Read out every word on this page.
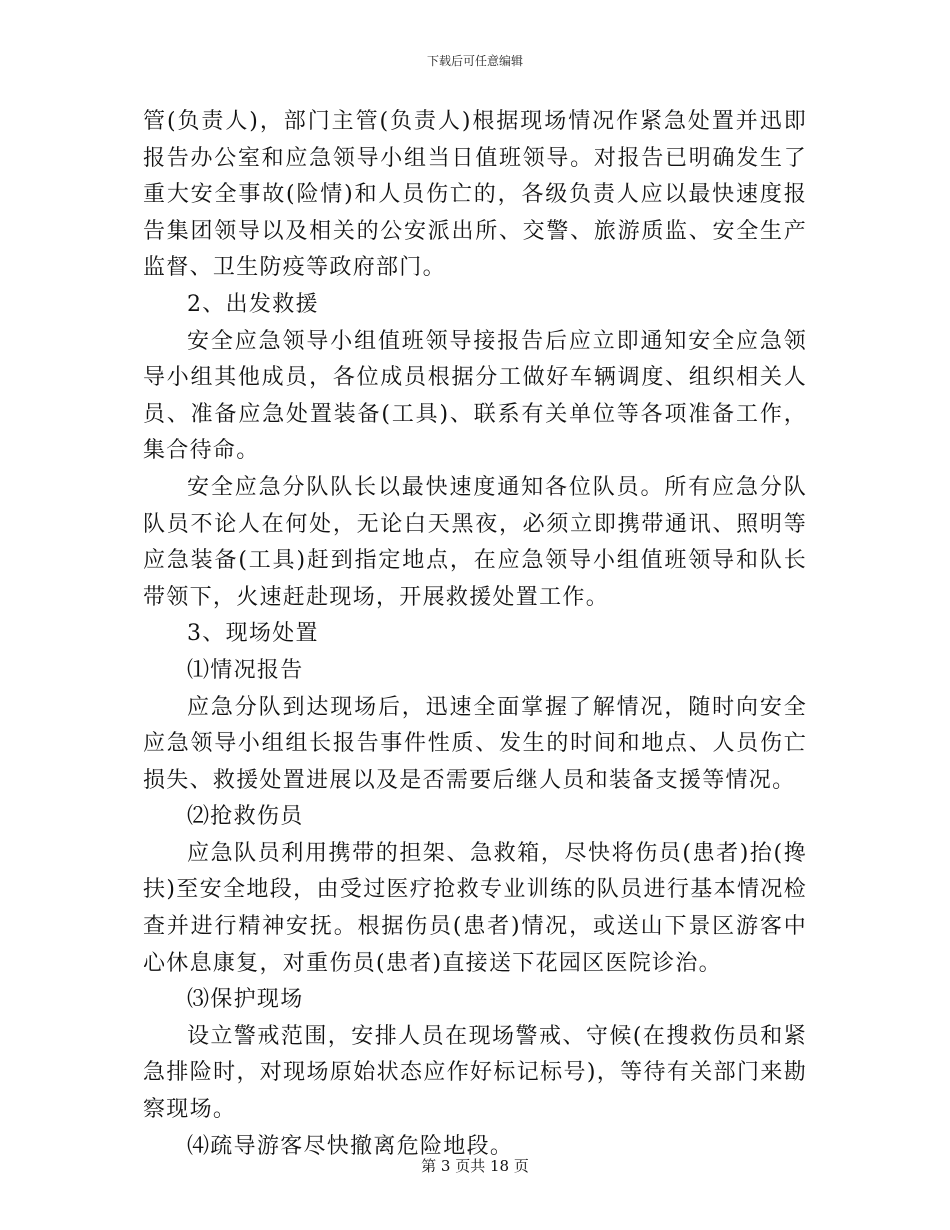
下载后可任意编辑

管(负责人)，部门主管(负责人)根据现场情况作紧急处置并迅即报告办公室和应急领导小组当日值班领导。对报告已明确发生了重大安全事故(险情)和人员伤亡的，各级负责人应以最快速度报告集团领导以及相关的公安派出所、交警、旅游质监、安全生产监督、卫生防疫等政府部门。

2、出发救援

安全应急领导小组值班领导接报告后应立即通知安全应急领导小组其他成员，各位成员根据分工做好车辆调度、组织相关人员、准备应急处置装备(工具)、联系有关单位等各项准备工作，集合待命。

安全应急分队队长以最快速度通知各位队员。所有应急分队队员不论人在何处，无论白天黑夜，必须立即携带通讯、照明等应急装备(工具)赶到指定地点，在应急领导小组值班领导和队长带领下，火速赶赴现场，开展救援处置工作。

3、现场处置

⑴情况报告

应急分队到达现场后，迅速全面掌握了解情况，随时向安全应急领导小组组长报告事件性质、发生的时间和地点、人员伤亡损失、救援处置进展以及是否需要后继人员和装备支援等情况。

⑵抢救伤员

应急队员利用携带的担架、急救箱，尽快将伤员(患者)抬(搀扶)至安全地段，由受过医疗抢救专业训练的队员进行基本情况检查并进行精神安抚。根据伤员(患者)情况，或送山下景区游客中心休息康复，对重伤员(患者)直接送下花园区医院诊治。

⑶保护现场

设立警戒范围，安排人员在现场警戒、守候(在搜救伤员和紧急排险时，对现场原始状态应作好标记标号)，等待有关部门来勘察现场。

⑷疏导游客尽快撤离危险地段。

第 3 页共 18 页
